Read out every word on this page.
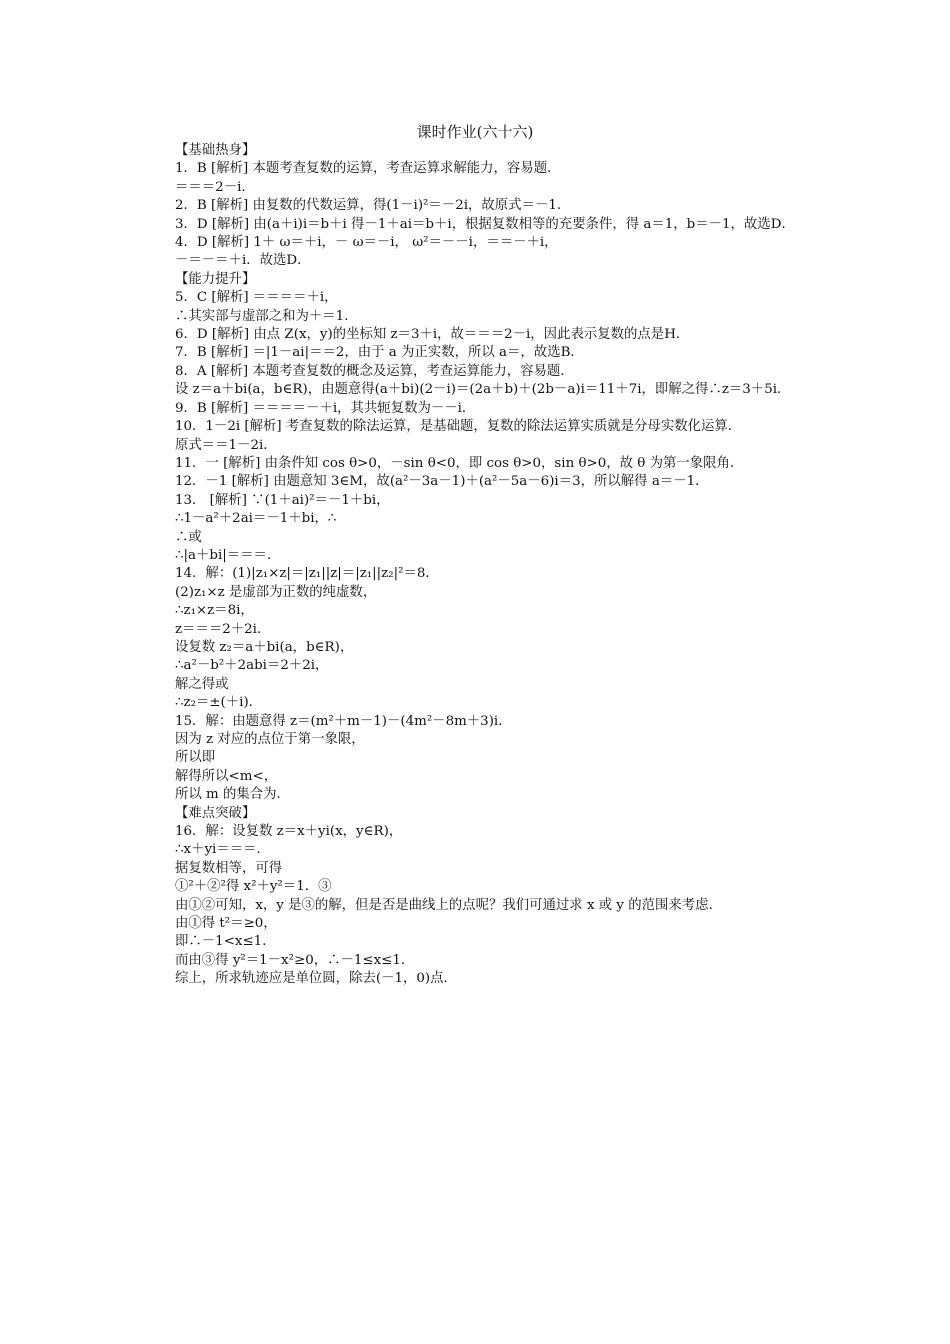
课时作业(六十六)

【基础热身】

1．B [解析] 本题考查复数的运算，考查运算求解能力，容易题．

＝＝＝2－i．

2．B [解析] 由复数的代数运算，得(1－i)²＝－2i，故原式＝－1．

3．D [解析] 由(a＋i)i＝b＋i 得－1＋ai＝b＋i，根据复数相等的充要条件，得 a＝1，b＝－1，故选D．

4．D [解析] 1＋ ω＝＋i，－ ω＝－i， ω²＝－－i，＝＝－＋i，

－＝－＝＋i．故选D．

【能力提升】

5．C [解析] ＝＝＝＝＋i，

∴其实部与虚部之和为＋＝1．

6．D [解析] 由点 Z(x，y)的坐标知 z＝3＋i，故＝＝＝2－i，因此表示复数的点是H．

7．B [解析] ＝|1－ai|＝＝2，由于 a 为正实数，所以 a＝，故选B．

8．A [解析] 本题考查复数的概念及运算，考查运算能力，容易题．

设 z＝a＋bi(a，b∈R)，由题意得(a＋bi)(2－i)＝(2a＋b)＋(2b－a)i＝11＋7i，即解之得∴z＝3＋5i．

9．B [解析] ＝＝＝＝－＋i，其共轭复数为－－i．

10．1－2i [解析] 考查复数的除法运算，是基础题，复数的除法运算实质就是分母实数化运算．

原式＝＝1－2i．

11．一 [解析] 由条件知 cos θ>0，－sin θ<0，即 cos θ>0，sin θ>0，故 θ 为第一象限角．

12．－1 [解析] 由题意知 3∈M，故(a²－3a－1)＋(a²－5a－6)i＝3，所以解得 a＝－1．

13． [解析] ∵(1＋ai)²＝－1＋bi，

∴1－a²＋2ai＝－1＋bi，∴

∴或

∴|a＋bi|＝＝＝．

14．解：(1)|z₁×z|＝|z₁||z|＝|z₁||z₂|²＝8．

(2)z₁×z 是虚部为正数的纯虚数，

∴z₁×z＝8i，

z＝＝＝2＋2i．

设复数 z₂＝a＋bi(a，b∈R)，

∴a²－b²＋2abi＝2＋2i，

解之得或

∴z₂＝±(＋i)．

15．解：由题意得 z＝(m²＋m－1)－(4m²－8m＋3)i．

因为 z 对应的点位于第一象限，

所以即

解得所以<m<，

所以 m 的集合为．

【难点突破】

16．解：设复数 z＝x＋yi(x，y∈R)，

∴x＋yi＝＝＝．

据复数相等，可得

①²＋②²得 x²＋y²＝1．③

由①②可知，x，y 是③的解，但是否是曲线上的点呢？我们可通过求 x 或 y 的范围来考虑．

由①得 t²＝≥0，

即∴－1<x≤1．

而由③得 y²＝1－x²≥0，∴－1≤x≤1．

综上，所求轨迹应是单位圆，除去(－1，0)点．
